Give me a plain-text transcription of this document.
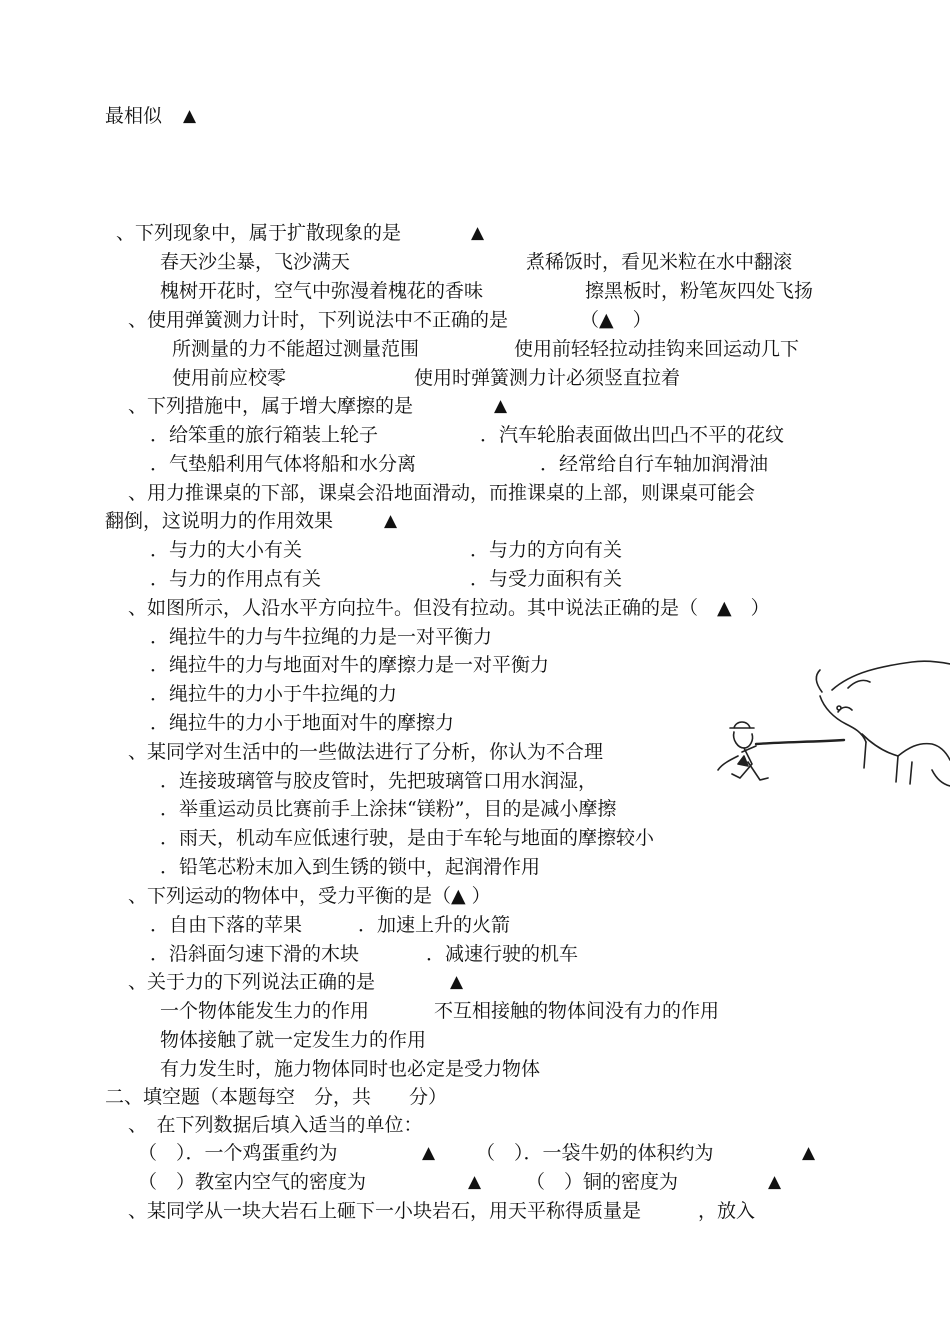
最相似 ▲
、下列现象中，属于扩散现象的是	▲
春天沙尘暴，飞沙满天	煮稀饭时，看见米粒在水中翻滚
槐树开花时，空气中弥漫着槐花的香味	擦黑板时，粉笔灰四处飞扬
、使用弹簧测力计时，下列说法中不正确的是	（▲　）
所测量的力不能超过测量范围	使用前轻轻拉动挂钩来回运动几下
使用前应校零	使用时弹簧测力计必须竖直拉着
、下列措施中，属于增大摩擦的是	▲
．给笨重的旅行箱装上轮子	．汽车轮胎表面做出凹凸不平的花纹
．气垫船利用气体将船和水分离	．经常给自行车轴加润滑油
、用力推课桌的下部，课桌会沿地面滑动，而推课桌的上部，则课桌可能会
翻倒，这说明力的作用效果	▲
．与力的大小有关	．与力的方向有关
．与力的作用点有关	．与受力面积有关
、如图所示，人沿水平方向拉牛。但没有拉动。其中说法正确的是（　▲　）
．绳拉牛的力与牛拉绳的力是一对平衡力
．绳拉牛的力与地面对牛的摩擦力是一对平衡力
．绳拉牛的力小于牛拉绳的力
．绳拉牛的力小于地面对牛的摩擦力
、某同学对生活中的一些做法进行了分析，你认为不合理
．连接玻璃管与胶皮管时，先把玻璃管口用水润湿，
．举重运动员比赛前手上涂抹“镁粉”，目的是减小摩擦
．雨天，机动车应低速行驶，是由于车轮与地面的摩擦较小
．铅笔芯粉末加入到生锈的锁中，起润滑作用
、下列运动的物体中，受力平衡的是（▲ ）
．自由下落的苹果	．加速上升的火箭
．沿斜面匀速下滑的木块	．减速行驶的机车
、关于力的下列说法正确的是	▲
一个物体能发生力的作用	不互相接触的物体间没有力的作用
物体接触了就一定发生力的作用
有力发生时，施力物体同时也必定是受力物体
二、填空题（本题每空　分，共　　分）
、　在下列数据后填入适当的单位：
（　）．一个鸡蛋重约为	▲ （　）．一袋牛奶的体积约为	▲
（　）教室内空气的密度为	▲ （　）铜的密度为	▲
、某同学从一块大岩石上砸下一小块岩石，用天平称得质量是　　　，放入
